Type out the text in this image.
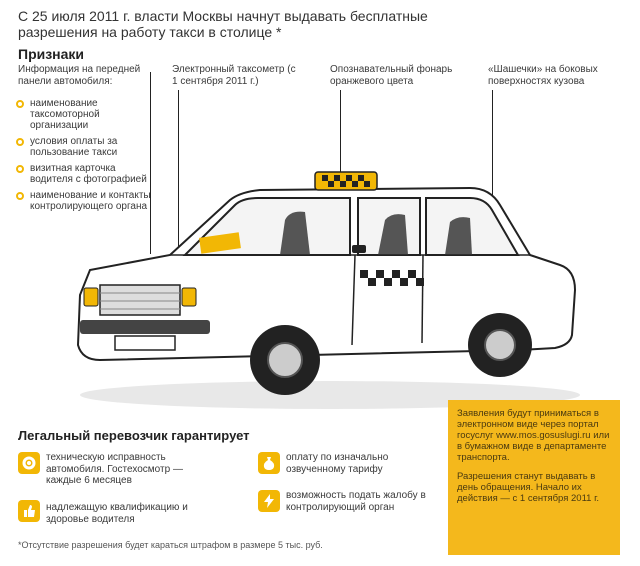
С 25 июля 2011 г. власти Москвы начнут выдавать бесплатные разрешения на работу такси в столице *
Признаки
Информация на передней панели автомобиля:
Электронный таксометр (с 1 сентября 2011 г.)
Опознавательный фонарь оранжевого цвета
«Шашечки» на боковых поверхностях кузова
наименование таксомоторной организации
условия оплаты за пользование такси
визитная карточка водителя с фотографией
наименование и контакты контролирующего органа
Легальный перевозчик гарантирует
техническую исправность автомобиля. Гостехосмотр — каждые 6 месяцев
надлежащую квалификацию и здоровье водителя
оплату по изначально озвученному тарифу
возможность подать жалобу в контролирующий орган
*Отсутствие разрешения будет караться штрафом в размере 5 тыс. руб.

Заявления будут приниматься в электронном виде через портал госуслуг www.mos.gosuslugi.ru или в бумажном виде в департаменте транспорта.

Разрешения станут выдавать в день обращения. Начало их действия — с 1 сентября 2011 г.
